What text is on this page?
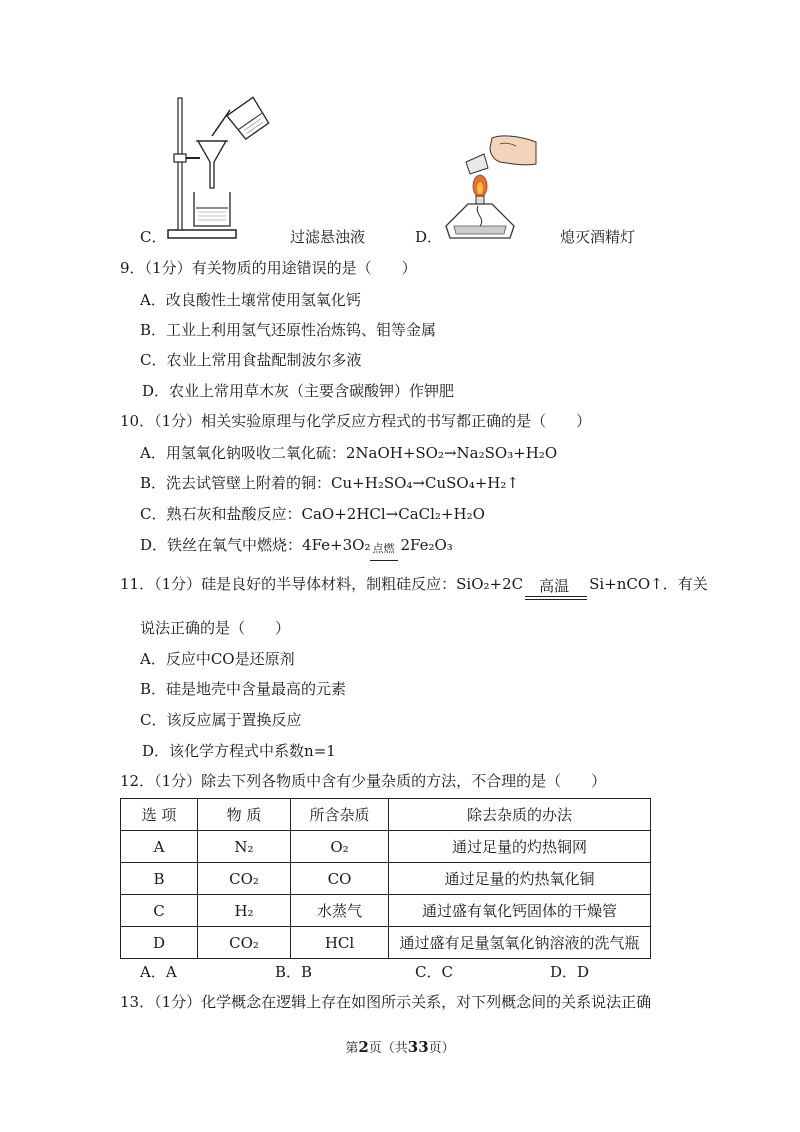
C．	过滤悬浊液	D．	熄灭酒精灯
9．（1分）有关物质的用途错误的是（　　）
A．改良酸性土壤常使用氢氧化钙
B．工业上利用氢气还原性冶炼钨、钼等金属
C．农业上常用食盐配制波尔多液
D．农业上常用草木灰（主要含碳酸钾）作钾肥
10．（1分）相关实验原理与化学反应方程式的书写都正确的是（　　）
A．用氢氧化钠吸收二氧化硫：2NaOH+SO₂→Na₂SO₃+H₂O
B．洗去试管壁上附着的铜：Cu+H₂SO₄→CuSO₄+H₂↑
C．熟石灰和盐酸反应：CaO+2HCl→CaCl₂+H₂O
D．铁丝在氧气中燃烧：4Fe+3O₂ 点燃 2Fe₂O₃
11．（1分）硅是良好的半导体材料，制粗硅反应：SiO₂+2C 高温 Si+nCO↑．有关
说法正确的是（　　）
A．反应中CO是还原剂
B．硅是地壳中含量最高的元素
C．该反应属于置换反应
D．该化学方程式中系数n=1
12．（1分）除去下列各物质中含有少量杂质的方法，不合理的是（　　）
选 项	物 质	所含杂质	除去杂质的办法
A	N₂	O₂	通过足量的灼热铜网
B	CO₂	CO	通过足量的灼热氧化铜
C	H₂	水蒸气	通过盛有氧化钙固体的干燥管
D	CO₂	HCl	通过盛有足量氢氧化钠溶液的洗气瓶
A．A	B．B	C．C	D．D
13．（1分）化学概念在逻辑上存在如图所示关系，对下列概念间的关系说法正确
第2页（共33页）
